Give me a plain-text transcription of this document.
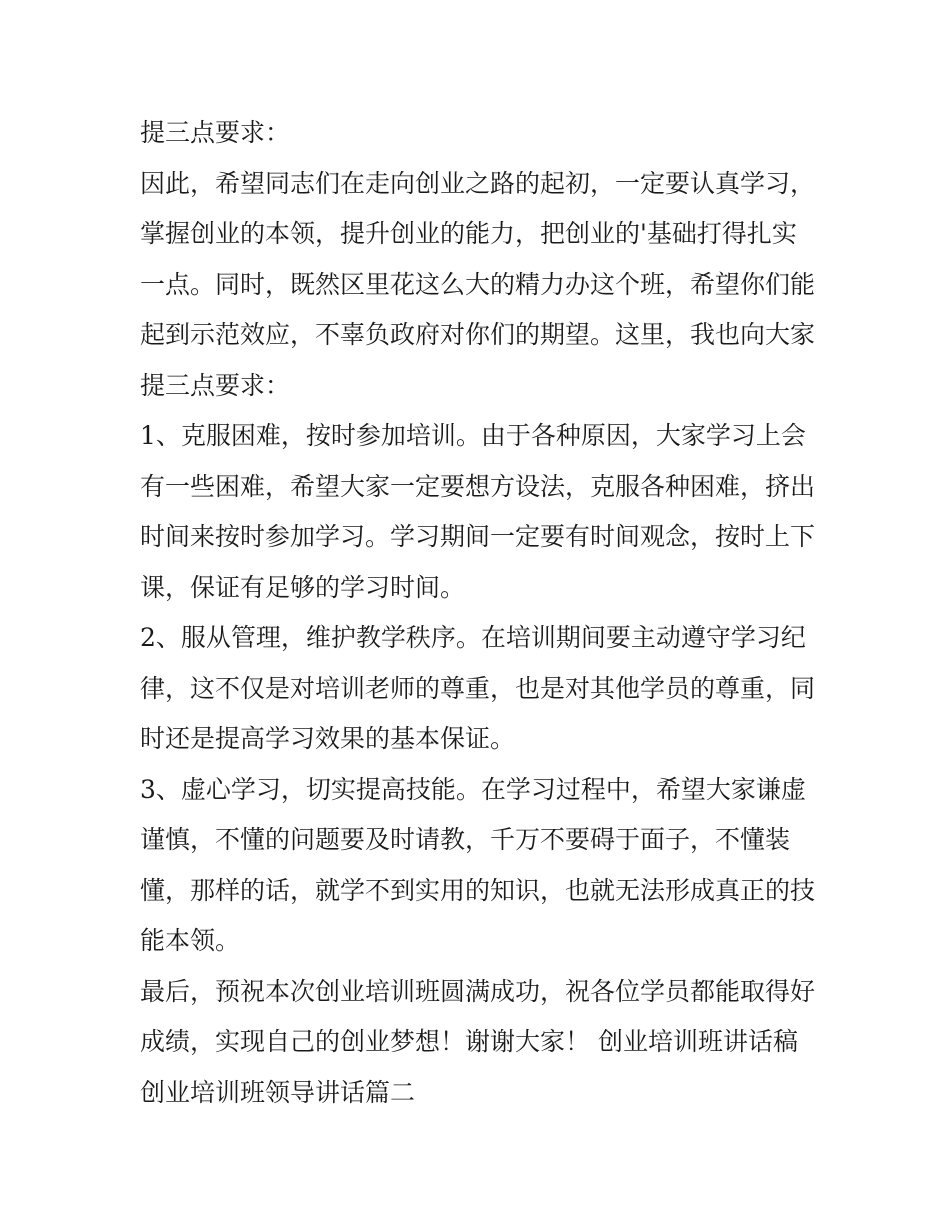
提三点要求：
因此，希望同志们在走向创业之路的起初，一定要认真学习，
掌握创业的本领，提升创业的能力，把创业的'基础打得扎实
一点。同时，既然区里花这么大的精力办这个班，希望你们能
起到示范效应，不辜负政府对你们的期望。这里，我也向大家
提三点要求：
1、克服困难，按时参加培训。由于各种原因，大家学习上会
有一些困难，希望大家一定要想方设法，克服各种困难，挤出
时间来按时参加学习。学习期间一定要有时间观念，按时上下
课，保证有足够的学习时间。
2、服从管理，维护教学秩序。在培训期间要主动遵守学习纪
律，这不仅是对培训老师的尊重，也是对其他学员的尊重，同
时还是提高学习效果的基本保证。
3、虚心学习，切实提高技能。在学习过程中，希望大家谦虚
谨慎，不懂的问题要及时请教，千万不要碍于面子，不懂装
懂，那样的话，就学不到实用的知识，也就无法形成真正的技
能本领。
最后，预祝本次创业培训班圆满成功，祝各位学员都能取得好
成绩，实现自己的创业梦想！谢谢大家！ 创业培训班讲话稿
创业培训班领导讲话篇二
